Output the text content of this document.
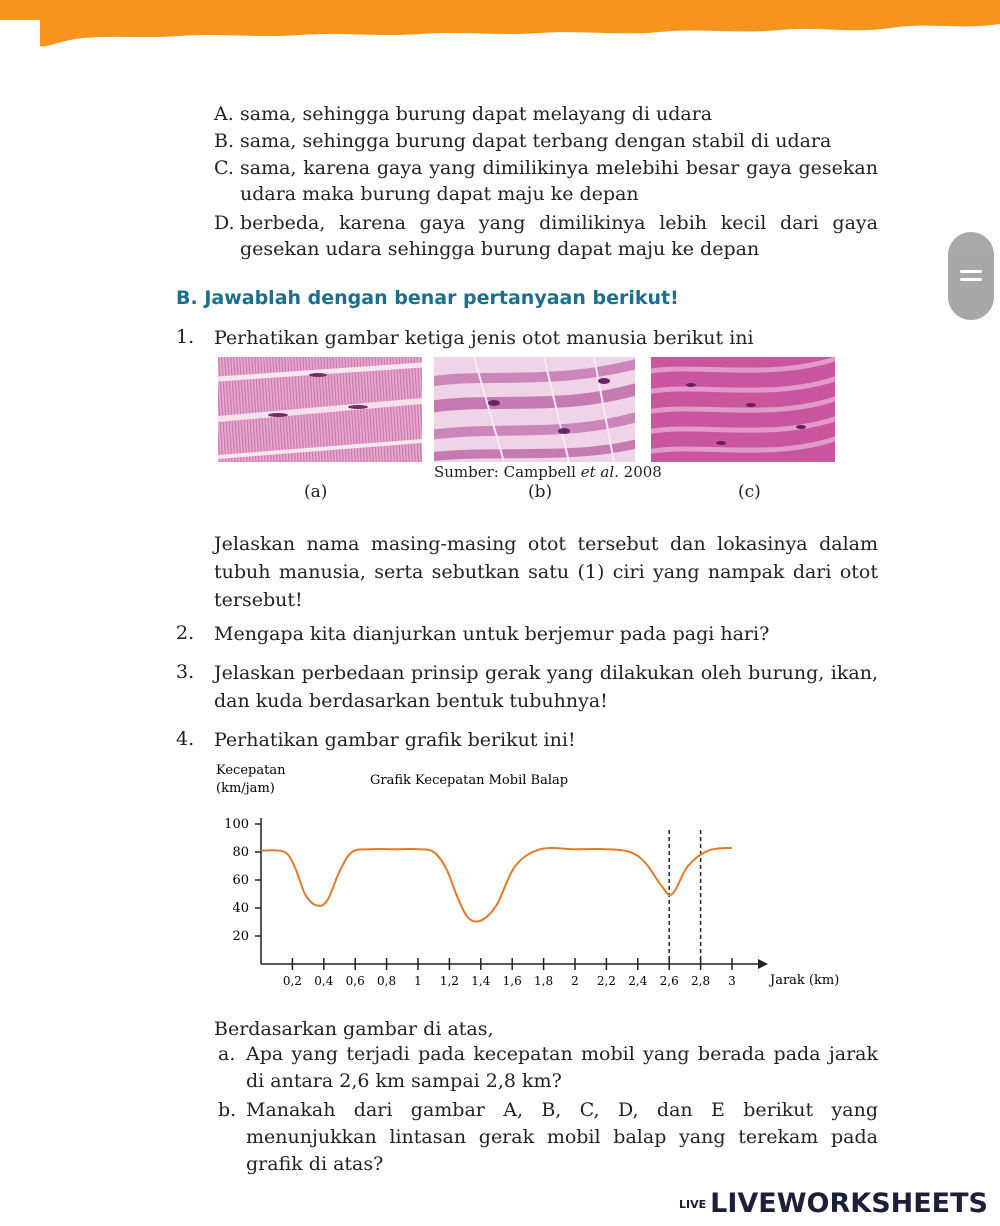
A. sama, sehingga burung dapat melayang di udara
B. sama, sehingga burung dapat terbang dengan stabil di udara
C. sama, karena gaya yang dimilikinya melebihi besar gaya gesekan udara maka burung dapat maju ke depan
D. berbeda, karena gaya yang dimilikinya lebih kecil dari gaya gesekan udara sehingga burung dapat maju ke depan
B. Jawablah dengan benar pertanyaan berikut!
1. Perhatikan gambar ketiga jenis otot manusia berikut ini
Sumber: Campbell et al. 2008
(a)	(b)	(c)
Jelaskan nama masing-masing otot tersebut dan lokasinya dalam tubuh manusia, serta sebutkan satu (1) ciri yang nampak dari otot tersebut!
2. Mengapa kita dianjurkan untuk berjemur pada pagi hari?
3. Jelaskan perbedaan prinsip gerak yang dilakukan oleh burung, ikan, dan kuda berdasarkan bentuk tubuhnya!
4. Perhatikan gambar grafik berikut ini!
Kecepatan
(km/jam)
Grafik Kecepatan Mobil Balap
Jarak (km)
100
80
60
40
20
0,2 0,4 0,6 0,8 1 1,2 1,4 1,6 1,8 2 2,2 2,4 2,6 2,8 3
Berdasarkan gambar di atas,
a. Apa yang terjadi pada kecepatan mobil yang berada pada jarak di antara 2,6 km sampai 2,8 km?
b. Manakah dari gambar A, B, C, D, dan E berikut yang menunjukkan lintasan gerak mobil balap yang terekam pada grafik di atas?
LIVE LIVEWORKSHEETS
